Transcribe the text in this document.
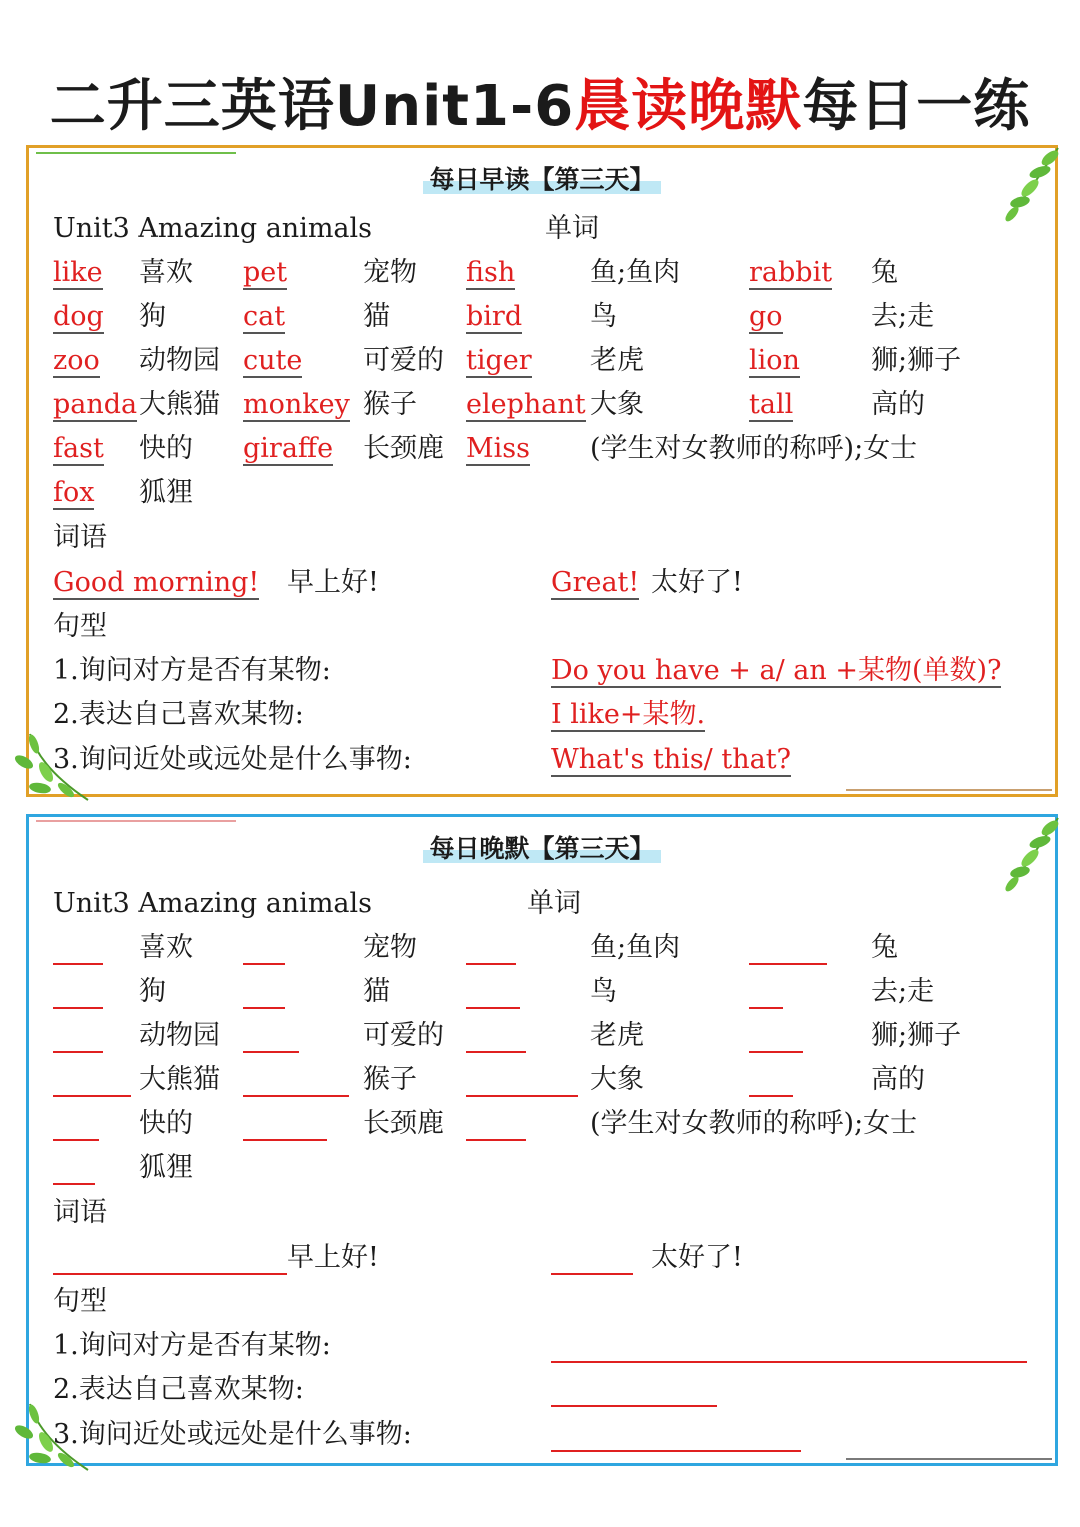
二升三英语Unit1-6晨读晚默每日一练
每日早读【第三天】
Unit3 Amazing animals	单词
like 喜欢 pet	宠物 fish	鱼;鱼肉	rabbit 兔
dog 狗	cat	猫	bird	鸟	go	去;走
zoo 动物园 cute 可爱的 tiger 老虎	lion	狮;狮子
panda 大熊猫 monkey 猴子 elephant 大象	tall	高的
fast 快的 giraffe 长颈鹿 Miss (学生对女教师的称呼);女士
fox 狐狸
词语
Good morning! 早上好!	Great! 太好了!
句型
1.询问对方是否有某物:	Do you have + a/ an +某物(单数)?
2.表达自己喜欢某物:	I like+某物.
3.询问近处或远处是什么事物:	What's this/ that?
每日晚默【第三天】
Unit3 Amazing animals	单词
喜欢	宠物	鱼;鱼肉	兔
狗	猫	鸟	去;走
动物园	可爱的	老虎	狮;狮子
大熊猫	猴子	大象	高的
快的	长颈鹿	(学生对女教师的称呼);女士
狐狸
词语
早上好!	太好了!
句型
1.询问对方是否有某物:
2.表达自己喜欢某物:
3.询问近处或远处是什么事物:
